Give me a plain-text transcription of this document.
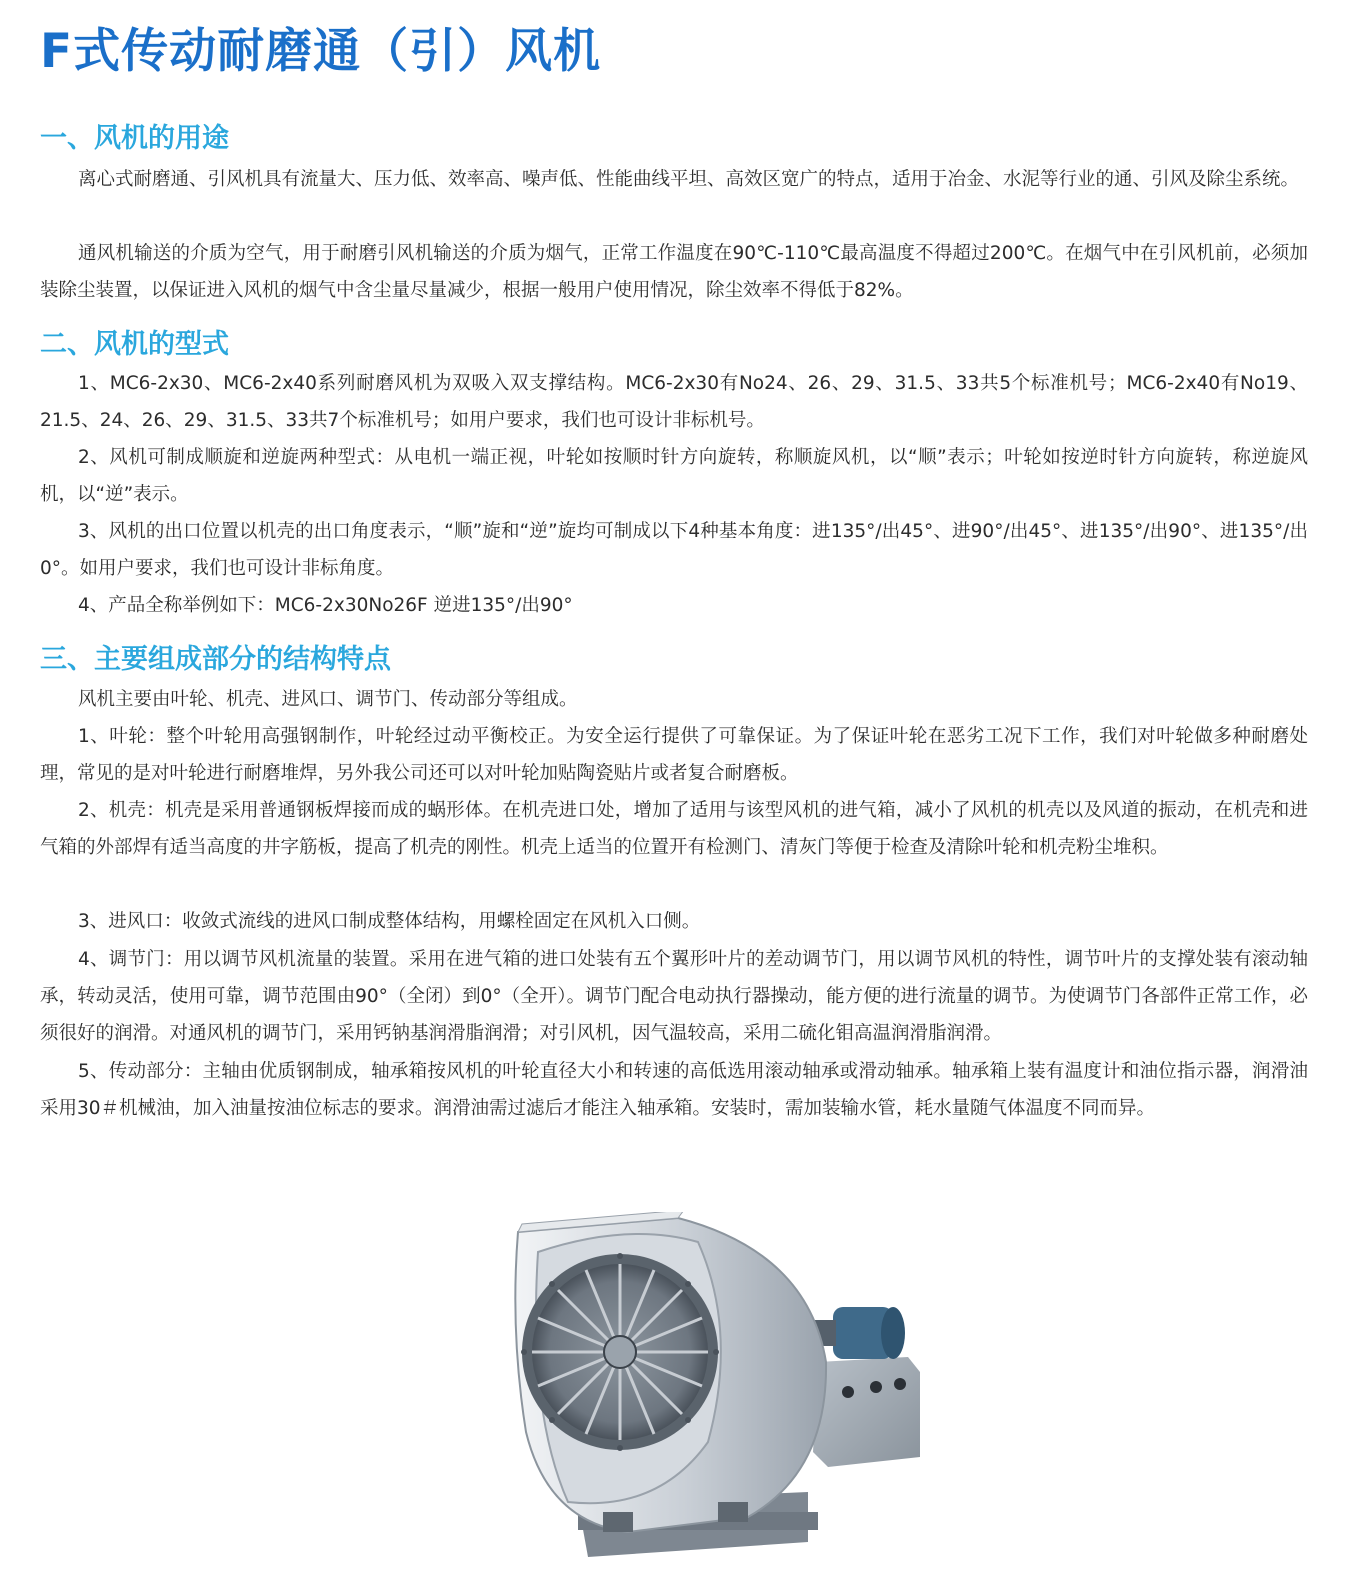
F式传动耐磨通（引）风机
一、风机的用途

离心式耐磨通、引风机具有流量大、压力低、效率高、噪声低、性能曲线平坦、高效区宽广的特点，适用于冶金、水泥等行业的通、引风及除尘系统。

通风机输送的介质为空气，用于耐磨引风机输送的介质为烟气，正常工作温度在90℃-110℃最高温度不得超过200℃。在烟气中在引风机前，必须加装除尘装置，以保证进入风机的烟气中含尘量尽量减少，根据一般用户使用情况，除尘效率不得低于82%。

二、风机的型式

1、MC6-2x30、MC6-2x40系列耐磨风机为双吸入双支撑结构。MC6-2x30有No24、26、29、31.5、33共5个标准机号；MC6-2x40有No19、21.5、24、26、29、31.5、33共7个标准机号；如用户要求，我们也可设计非标机号。

2、风机可制成顺旋和逆旋两种型式：从电机一端正视，叶轮如按顺时针方向旋转，称顺旋风机，以“顺”表示；叶轮如按逆时针方向旋转，称逆旋风机，以“逆”表示。

3、风机的出口位置以机壳的出口角度表示，“顺”旋和“逆”旋均可制成以下4种基本角度：进135°/出45°、进90°/出45°、进135°/出90°、进135°/出0°。如用户要求，我们也可设计非标角度。

4、产品全称举例如下：MC6-2x30No26F 逆进135°/出90°

三、主要组成部分的结构特点

风机主要由叶轮、机壳、进风口、调节门、传动部分等组成。

1、叶轮：整个叶轮用高强钢制作，叶轮经过动平衡校正。为安全运行提供了可靠保证。为了保证叶轮在恶劣工况下工作，我们对叶轮做多种耐磨处理，常见的是对叶轮进行耐磨堆焊，另外我公司还可以对叶轮加贴陶瓷贴片或者复合耐磨板。

2、机壳：机壳是采用普通钢板焊接而成的蜗形体。在机壳进口处，增加了适用与该型风机的进气箱，减小了风机的机壳以及风道的振动，在机壳和进气箱的外部焊有适当高度的井字筋板，提高了机壳的刚性。机壳上适当的位置开有检测门、清灰门等便于检查及清除叶轮和机壳粉尘堆积。

3、进风口：收敛式流线的进风口制成整体结构，用螺栓固定在风机入口侧。

4、调节门：用以调节风机流量的装置。采用在进气箱的进口处装有五个翼形叶片的差动调节门，用以调节风机的特性，调节叶片的支撑处装有滚动轴承，转动灵活，使用可靠，调节范围由90°（全闭）到0°（全开）。调节门配合电动执行器操动，能方便的进行流量的调节。为使调节门各部件正常工作，必须很好的润滑。对通风机的调节门，采用钙钠基润滑脂润滑；对引风机，因气温较高，采用二硫化钼高温润滑脂润滑。

5、传动部分：主轴由优质钢制成，轴承箱按风机的叶轮直径大小和转速的高低选用滚动轴承或滑动轴承。轴承箱上装有温度计和油位指示器，润滑油采用30＃机械油，加入油量按油位标志的要求。润滑油需过滤后才能注入轴承箱。安装时，需加装输水管，耗水量随气体温度不同而异。
